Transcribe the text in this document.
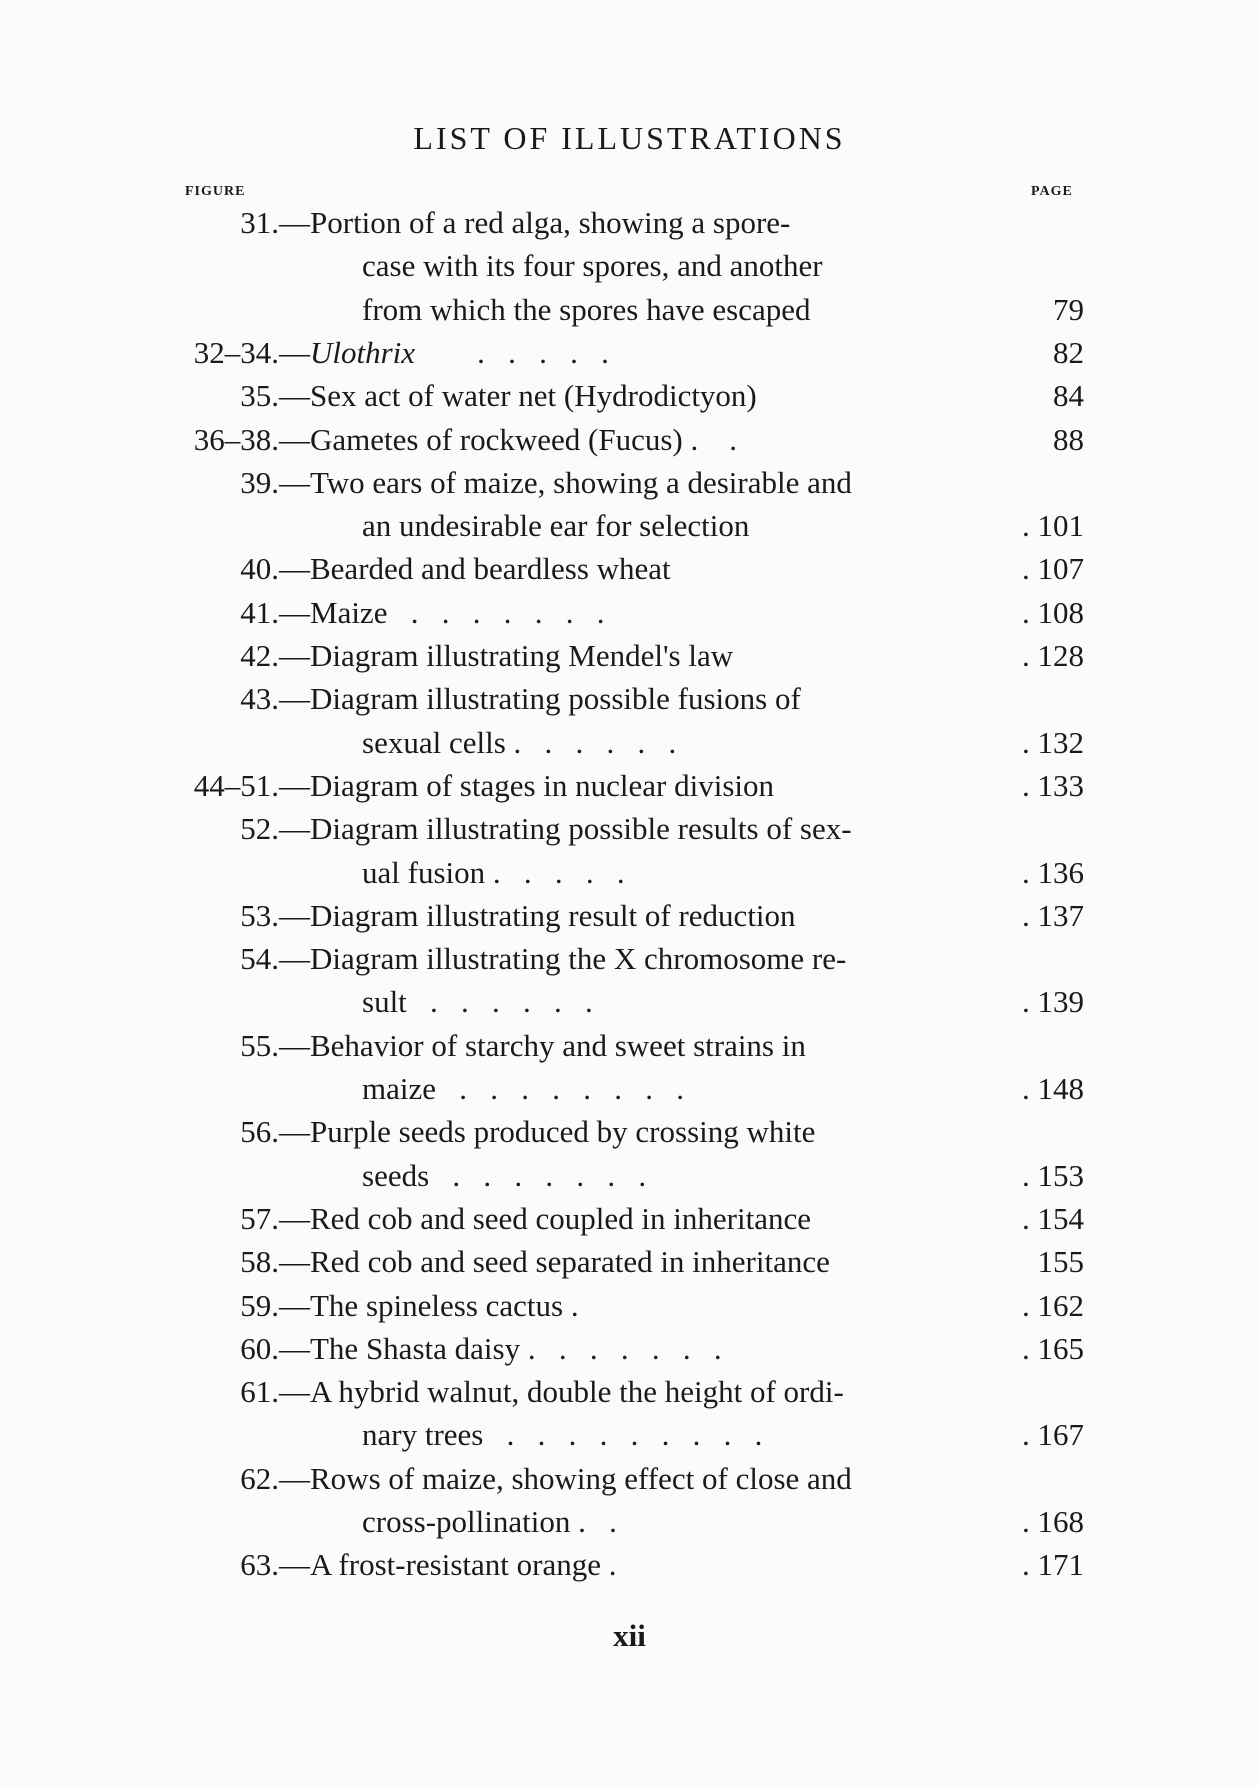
LIST OF ILLUSTRATIONS
FIGURE	PAGE
31.— Portion of a red alga, showing a spore-
case with its four spores, and another
from which the spores have escaped	79
32–34.— Ulothrix        .   .   .   .   .	82
35.— Sex act of water net (Hydrodictyon)	84
36–38.— Gametes of rockweed (Fucus) .    .	88
39.— Two ears of maize, showing a desirable and
an undesirable ear for selection	. 101
40.— Bearded and beardless wheat	. 107
41.— Maize   .   .   .   .   .   .   .	. 108
42.— Diagram illustrating Mendel's law	. 128
43.— Diagram illustrating possible fusions of
sexual cells .   .   .   .   .   .	. 132
44–51.— Diagram of stages in nuclear division	. 133
52.— Diagram illustrating possible results of sex-
ual fusion .   .   .   .   .	. 136
53.— Diagram illustrating result of reduction	. 137
54.— Diagram illustrating the X chromosome re-
sult   .   .   .   .   .   .	. 139
55.— Behavior of starchy and sweet strains in
maize   .   .   .   .   .   .   .   .	. 148
56.— Purple seeds produced by crossing white
seeds   .   .   .   .   .   .   .	. 153
57.— Red cob and seed coupled in inheritance	. 154
58.— Red cob and seed separated in inheritance	155
59.— The spineless cactus .	. 162
60.— The Shasta daisy .   .   .   .   .   .   .	. 165
61.— A hybrid walnut, double the height of ordi-
nary trees   .   .   .   .   .   .   .   .   .	. 167
62.— Rows of maize, showing effect of close and
cross-pollination .   .	. 168
63.— A frost-resistant orange .	. 171
xii
